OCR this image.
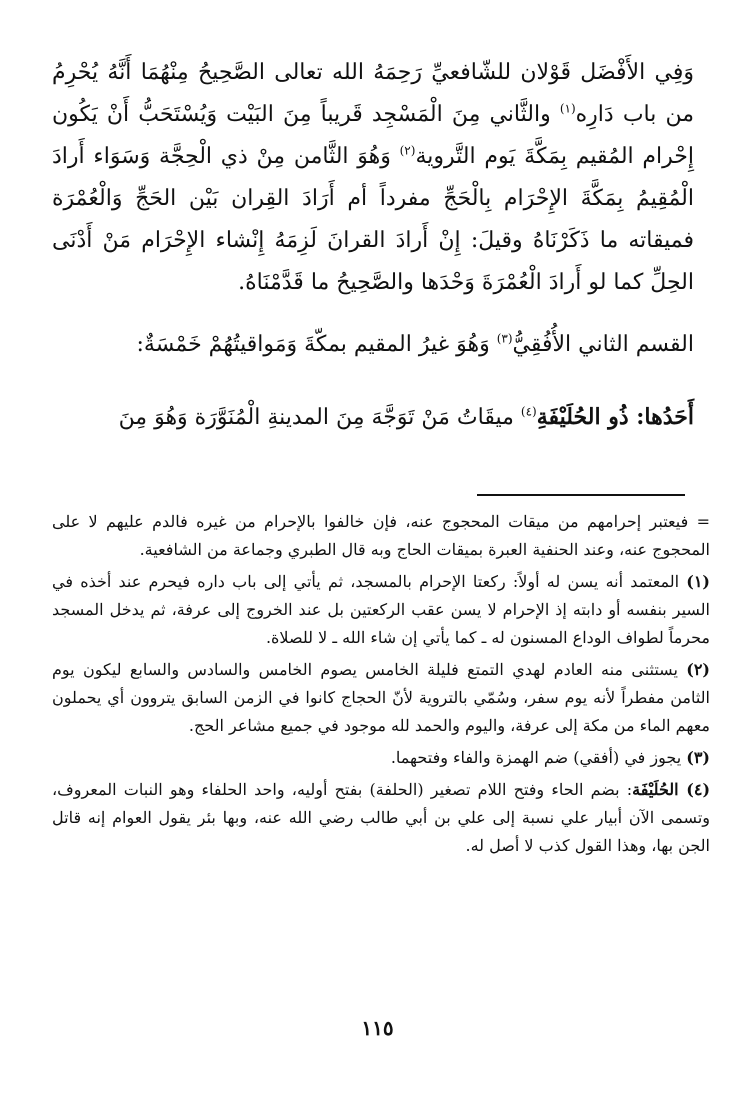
وَفِي الأَفْضَل قَوْلان للشّافعيِّ رَحِمَهُ الله تعالى الصَّحِيحُ مِنْهُمَا أَنَّهُ يُحْرِمُ من باب دَارِه$^{(١)}$ والثَّاني مِنَ الْمَسْجِد قَريباً مِنَ البَيْت وَيُسْتَحَبُّ أَنْ يَكُون إِحْرام المُقيم بِمَكَّةَ يَوم التَّروية$^{(٢)}$ وَهُوَ الثَّامن مِنْ ذي الْحِجَّة وَسَوَاء أَرادَ الْمُقِيمُ بِمَكَّةَ الإِحْرَام بِالْحَجِّ مفرداً أم أَرَادَ القِران بَيْن الحَجِّ وَالْعُمْرَة فميقاته ما ذَكَرْنَاهُ وقيلَ: إِنْ أَرادَ القرانَ لَزِمَهُ إِنْشاء الإِحْرَام مَنْ أَدْنَى الحِلِّ كما لو أَرادَ الْعُمْرَةَ وَحْدَها والصَّحِيحُ ما قَدَّمْنَاهُ.

القسم الثاني الأُفُقِيُّ$^{(٣)}$ وَهُوَ غيرُ المقيم بمكّةَ وَمَواقيتُهُمْ خَمْسَةٌ:

أَحَدُها: ذُو الحُلَيْفَةِ$^{(٤)}$ ميقَاتُ مَنْ تَوَجَّهَ مِنَ المدينةِ الْمُنَوَّرَة وَهُوَ مِنَ

= فيعتبر إحرامهم من ميقات المحجوج عنه، فإن خالفوا بالإحرام من غيره فالدم عليهم لا على المحجوج عنه، وعند الحنفية العبرة بميقات الحاج وبه قال الطبري وجماعة من الشافعية.

(١) المعتمد أنه يسن له أولاً: ركعتا الإحرام بالمسجد، ثم يأتي إلى باب داره فيحرم عند أخذه في السير بنفسه أو دابته إذ الإحرام لا يسن عقب الركعتين بل عند الخروج إلى عرفة، ثم يدخل المسجد محرماً لطواف الوداع المسنون له ـ كما يأتي إن شاء الله ـ لا للصلاة.

(٢) يستثنى منه العادم لهدي التمتع فليلة الخامس يصوم الخامس والسادس والسابع ليكون يوم الثامن مفطراً لأنه يوم سفر، وسُمّي بالتروية لأنّ الحجاج كانوا في الزمن السابق يتروون أي يحملون معهم الماء من مكة إلى عرفة، واليوم والحمد لله موجود في جميع مشاعر الحج.

(٣) يجوز في (أفقي) ضم الهمزة والفاء وفتحهما.

(٤) الحُلَيْفَة: بضم الحاء وفتح اللام تصغير (الحلفة) بفتح أوليه، واحد الحلفاء وهو النبات المعروف، وتسمى الآن أبيار علي نسبة إلى علي بن أبي طالب رضي الله عنه، وبها بئر يقول العوام إنه قاتل الجن بها، وهذا القول كذب لا أصل له.

١١٥
